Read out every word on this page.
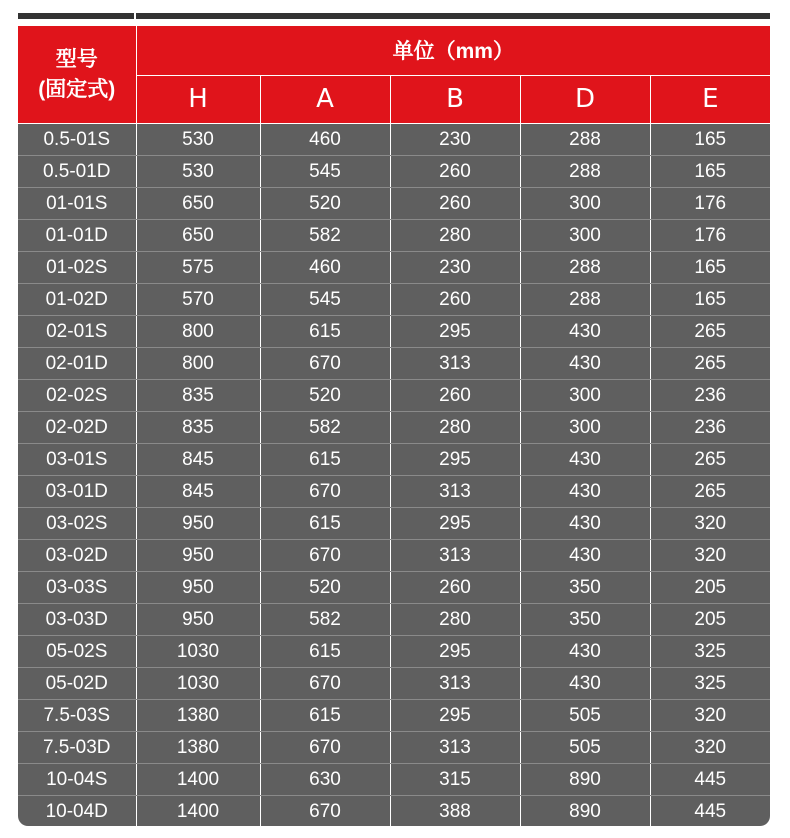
型号
(固定式)	单位（mm）				
	H	A	B	D	E
0.5-01S	530	460	230	288	165
0.5-01D	530	545	260	288	165
01-01S	650	520	260	300	176
01-01D	650	582	280	300	176
01-02S	575	460	230	288	165
01-02D	570	545	260	288	165
02-01S	800	615	295	430	265
02-01D	800	670	313	430	265
02-02S	835	520	260	300	236
02-02D	835	582	280	300	236
03-01S	845	615	295	430	265
03-01D	845	670	313	430	265
03-02S	950	615	295	430	320
03-02D	950	670	313	430	320
03-03S	950	520	260	350	205
03-03D	950	582	280	350	205
05-02S	1030	615	295	430	325
05-02D	1030	670	313	430	325
7.5-03S	1380	615	295	505	320
7.5-03D	1380	670	313	505	320
10-04S	1400	630	315	890	445
10-04D	1400	670	388	890	445
